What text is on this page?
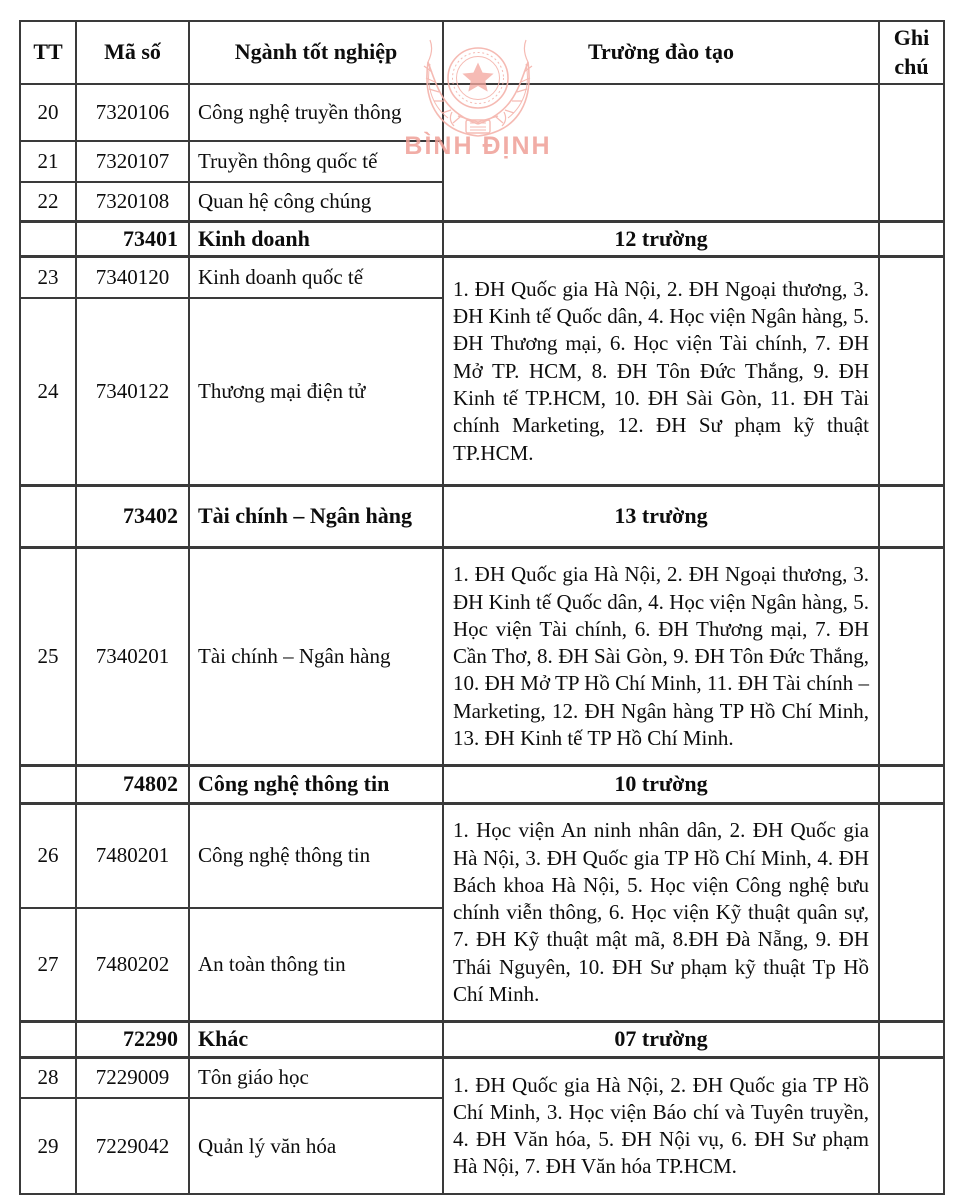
TT	Mã số	Ngành tốt nghiệp	Trường đào tạo	Ghi chú
20	7320106	Công nghệ truyền thông		
21	7320107	Truyền thông quốc tế		
22	7320108	Quan hệ công chúng		
	73401	Kinh doanh	12 trường	
23	7340120	Kinh doanh quốc tế	1. ĐH Quốc gia Hà Nội, 2. ĐH Ngoại thương, 3. ĐH Kinh tế Quốc dân, 4. Học viện Ngân hàng, 5. ĐH Thương mại, 6. Học viện Tài chính, 7. ĐH Mở TP. HCM, 8. ĐH Tôn Đức Thắng, 9. ĐH Kinh tế TP.HCM, 10. ĐH Sài Gòn, 11. ĐH Tài chính Marketing, 12. ĐH Sư phạm kỹ thuật TP.HCM.	
24	7340122	Thương mại điện tử		
	73402	Tài chính – Ngân hàng	13 trường	
25	7340201	Tài chính – Ngân hàng	1. ĐH Quốc gia Hà Nội, 2. ĐH Ngoại thương, 3. ĐH Kinh tế Quốc dân, 4. Học viện Ngân hàng, 5. Học viện Tài chính, 6. ĐH Thương mại, 7. ĐH Cần Thơ, 8. ĐH Sài Gòn, 9. ĐH Tôn Đức Thắng, 10. ĐH Mở TP Hồ Chí Minh, 11. ĐH Tài chính – Marketing, 12. ĐH Ngân hàng TP Hồ Chí Minh, 13. ĐH Kinh tế TP Hồ Chí Minh.	
	74802	Công nghệ thông tin	10 trường	
26	7480201	Công nghệ thông tin	1. Học viện An ninh nhân dân, 2. ĐH Quốc gia Hà Nội, 3. ĐH Quốc gia TP Hồ Chí Minh, 4. ĐH Bách khoa Hà Nội, 5. Học viện Công nghệ bưu chính viễn thông, 6. Học viện Kỹ thuật quân sự, 7. ĐH Kỹ thuật mật mã, 8.ĐH Đà Nẵng, 9. ĐH Thái Nguyên, 10. ĐH Sư phạm kỹ thuật Tp Hồ Chí Minh.	
27	7480202	An toàn thông tin		
	72290	Khác	07 trường	
28	7229009	Tôn giáo học	1. ĐH Quốc gia Hà Nội, 2. ĐH Quốc gia TP Hồ Chí Minh, 3. Học viện Báo chí và Tuyên truyền, 4. ĐH Văn hóa, 5. ĐH Nội vụ, 6. ĐH Sư phạm Hà Nội, 7. ĐH Văn hóa TP.HCM.	
29	7229042	Quản lý văn hóa		
BÌNH ĐỊNH
